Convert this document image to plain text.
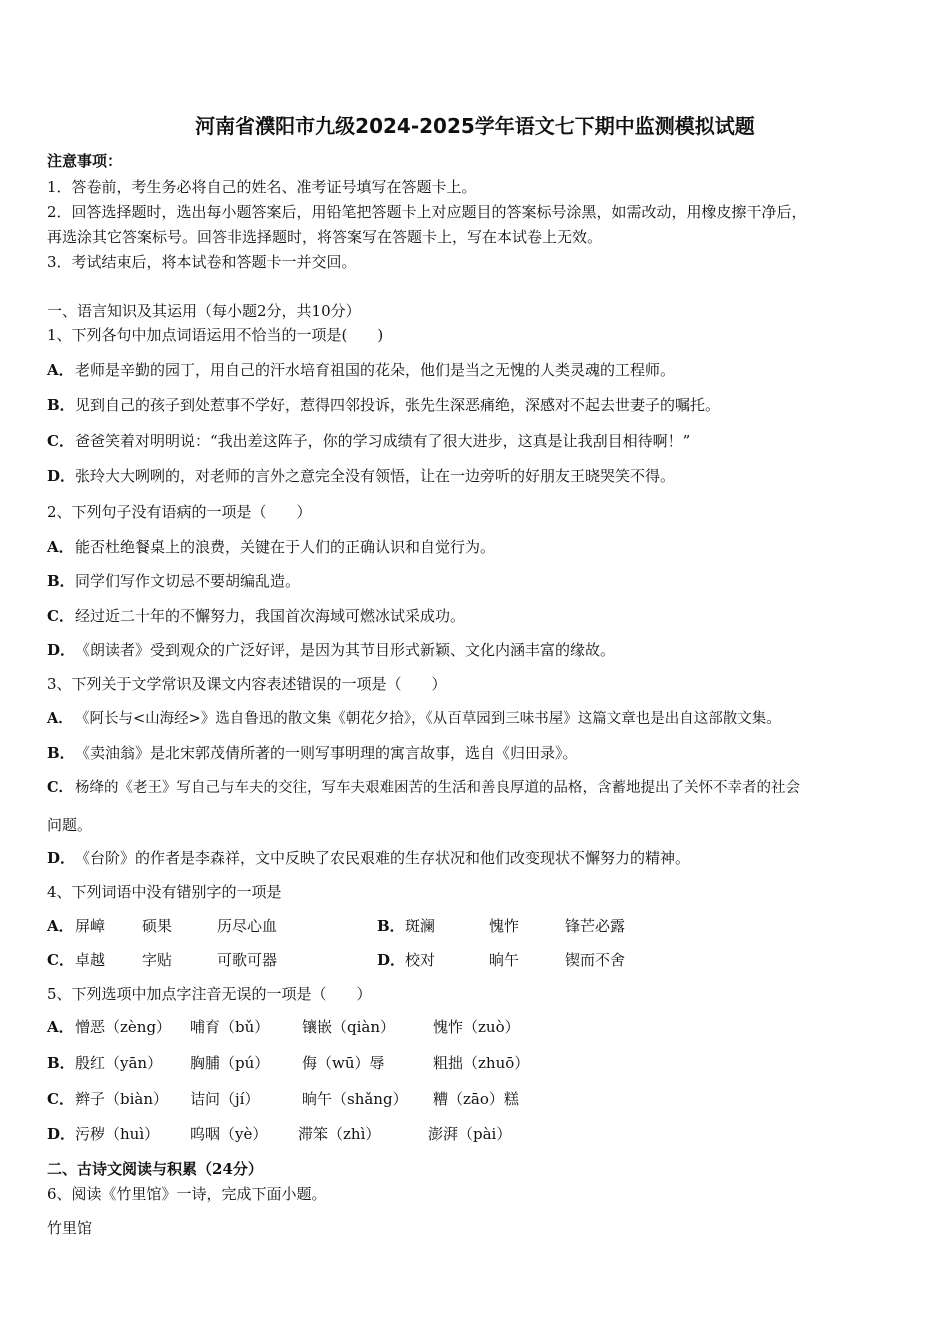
河南省濮阳市九级2024-2025学年语文七下期中监测模拟试题
注意事项：
1．答卷前，考生务必将自己的姓名、准考证号填写在答题卡上。
2．回答选择题时，选出每小题答案后，用铅笔把答题卡上对应题目的答案标号涂黑，如需改动，用橡皮擦干净后，
再选涂其它答案标号。回答非选择题时，将答案写在答题卡上，写在本试卷上无效。
3．考试结束后，将本试卷和答题卡一并交回。
一、语言知识及其运用（每小题2分，共10分）
1、下列各句中加点词语运用不恰当的一项是(　　)
A．老师是辛勤的园丁，用自己的汗水培育祖国的花朵，他们是当之无愧的人类灵魂的工程师。
B．见到自己的孩子到处惹事不学好，惹得四邻投诉，张先生深恶痛绝，深感对不起去世妻子的嘱托。
C．爸爸笑着对明明说：“我出差这阵子，你的学习成绩有了很大进步，这真是让我刮目相待啊！”
D．张玲大大咧咧的，对老师的言外之意完全没有领悟，让在一边旁听的好朋友王晓哭笑不得。
2、下列句子没有语病的一项是（　　）
A．能否杜绝餐桌上的浪费，关键在于人们的正确认识和自觉行为。
B．同学们写作文切忌不要胡编乱造。
C．经过近二十年的不懈努力，我国首次海域可燃冰试采成功。
D．《朗读者》受到观众的广泛好评，是因为其节目形式新颖、文化内涵丰富的缘故。
3、下列关于文学常识及课文内容表述错误的一项是（　　）
A． 《阿长与<山海经>》选自鲁迅的散文集《朝花夕拾》，《从百草园到三味书屋》这篇文章也是出自这部散文集。
B．《卖油翁》是北宋郭茂倩所著的一则写事明理的寓言故事，选自《归田录》。
C． 杨绛的《老王》写自己与车夫的交往，写车夫艰难困苦的生活和善良厚道的品格，含蓄地提出了关怀不幸者的社会
问题。
D．《台阶》的作者是李森祥，文中反映了农民艰难的生存状况和他们改变现状不懈努力的精神。
4、下列词语中没有错别字的一项是
A． 屏嶂 硕果	历尽心血	B． 斑澜	愧怍	锋芒必露
C． 卓越 字贴	可歌可器	D． 校对	晌午	锲而不舍
5、下列选项中加点字注音无误的一项是（　　）
A． 憎恶（zèng） 哺育（bǔ） 镶嵌（qiàn）	愧怍（zuò）
B． 殷红（yān） 胸脯（pú） 侮（wū）辱	粗拙（zhuō）
C． 辫子（biàn） 诘问（jí）	晌午（shǎng） 糟（zāo）糕
D． 污秽（huì） 呜咽（yè） 滞笨（zhì）	澎湃（pài）
二、古诗文阅读与积累（24分）
6、阅读《竹里馆》一诗，完成下面小题。
竹里馆
